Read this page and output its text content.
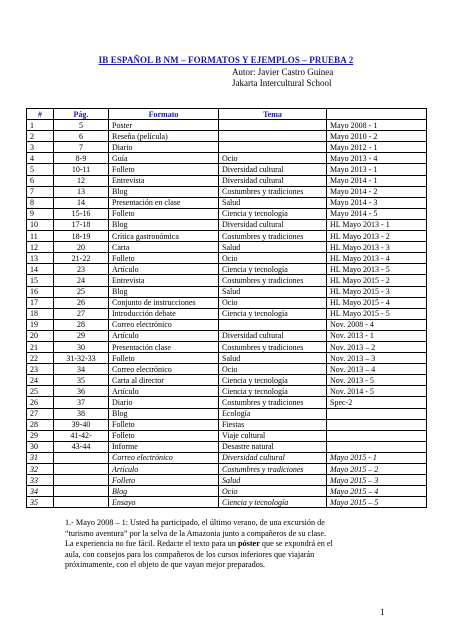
IB ESPAÑOL B NM – FORMATOS Y EJEMPLOS – PRUEBA 2
Autor: Javier Castro Guinea
Jakarta Intercultural School
#	Pág.	Formato	Tema	
1	5	Poster		Mayo 2008 - 1
2	6	Reseña (película)		Mayo 2010 - 2
3	7	Diario		Mayo 2012 - 1
4	8-9	Guía	Ocio	Mayo 2013 - 4
5	10-11	Folleto	Diversidad cultural	Mayo 2013 - 1
6	12	Entrevista	Diversidad cultural	Mayo 2014 - 1
7	13	Blog	Costumbres y tradiciones	Mayo 2014 - 2
8	14	Presentación en clase	Salud	Mayo 2014 - 3
9	15-16	Folleto	Ciencia y tecnología	Mayo 2014 - 5
10	17-18	Blog	Diversidad cultural	HL Mayo 2013 - 1
11	18-19	Crítica gastronómica	Costumbres y tradiciones	HL Mayo 2013 - 2
12	20	Carta	Salud	HL Mayo 2013 - 3
13	21-22	Folleto	Ocio	HL Mayo 2013 - 4
14	23	Artículo	Ciencia y tecnología	HL Mayo 2013 - 5
15	24	Entrevista	Costumbres y tradiciones	HL Mayo 2015 - 2
16	25	Blog	Salud	HL Mayo 2015 - 3
17	26	Conjunto de instrucciones	Ocio	HL Mayo 2015 - 4
18	27	Introducción debate	Ciencia y tecnología	HL Mayo 2015 - 5
19	28	Correo electrónico		Nov. 2008 - 4
20	29	Artículo	Diversidad cultural	Nov. 2013 - 1
21	30	Presentación clase	Costumbres y tradiciones	Nov. 2013 – 2
22	31-32-33	Folleto	Salud	Nov. 2013 – 3
23	34	Correo electrónico	Ocio	Nov. 2013 – 4
24	35	Carta al director	Ciencia y tecnología	Nov. 2013 - 5
25	36	Artículo	Ciencia y tecnología	Nov. 2014 - 5
26	37	Diario	Costumbres y tradiciones	Spec-2
27	38	Blog	Ecología	
28	39-40	Folleto	Fiestas	
29	41-42-	Folleto	Viaje cultural	
30	43-44	Informe	Desastre natural	
31		Correo electrónico	Diversidad cultural	Mayo 2015 - 1
32		Artículo	Costumbres y tradiciones	Mayo 2015 – 2
33		Folleto	Salud	Mayo 2015 – 3
34		Blog	Ocio	Mayo 2015 – 4
35		Ensayo	Ciencia y tecnología	Mayo 2015 – 5
1.- Mayo 2008 – 1: Usted ha participado, el último verano, de una excursión de
“turismo aventura” por la selva de la Amazonia junto a compañeros de su clase.
La experiencia no fue fácil. Redacte el texto para un póster que se expondrá en el
aula, con consejos para los compañeros de los cursos inferiores que viajarán
próximamente, con el objeto de que vayan mejor preparados.
1
